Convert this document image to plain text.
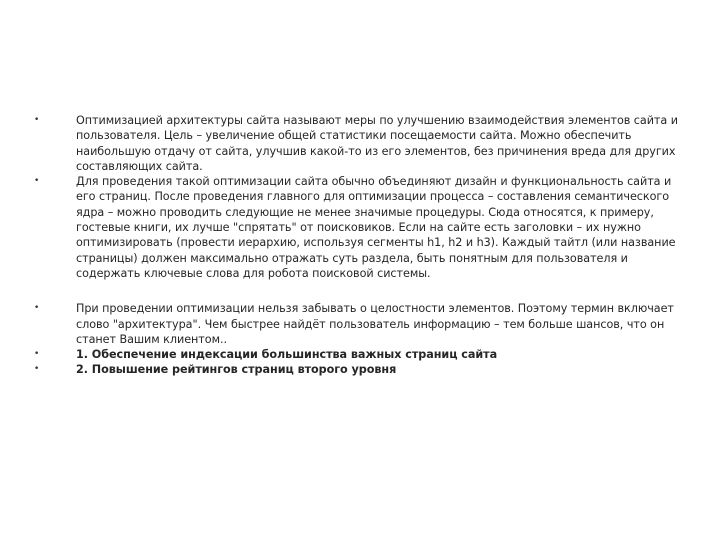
•	Оптимизацией архитектуры сайта называют меры по улучшению взаимодействия элементов сайта и пользователя. Цель – увеличение общей статистики посещаемости сайта. Можно обеспечить наибольшую отдачу от сайта, улучшив какой-то из его элементов, без причинения вреда для других составляющих сайта.
•	Для проведения такой оптимизации сайта обычно объединяют дизайн и функциональность сайта и его страниц. После проведения главного для оптимизации процесса – составления семантического ядра – можно проводить следующие не менее значимые процедуры. Сюда относятся, к примеру, гостевые книги, их лучше "спрятать" от поисковиков. Если на сайте есть заголовки – их нужно оптимизировать (провести иерархию, используя сегменты h1, h2 и h3). Каждый тайтл (или название страницы) должен максимально отражать суть раздела, быть понятным для пользователя и содержать ключевые слова для робота поисковой системы.
•	При проведении оптимизации нельзя забывать о целостности элементов. Поэтому термин включает слово "архитектура". Чем быстрее найдёт пользователь информацию – тем больше шансов, что он станет Вашим клиентом..
•	1. Обеспечение индексации большинства важных страниц сайта
•	2. Повышение рейтингов страниц второго уровня
